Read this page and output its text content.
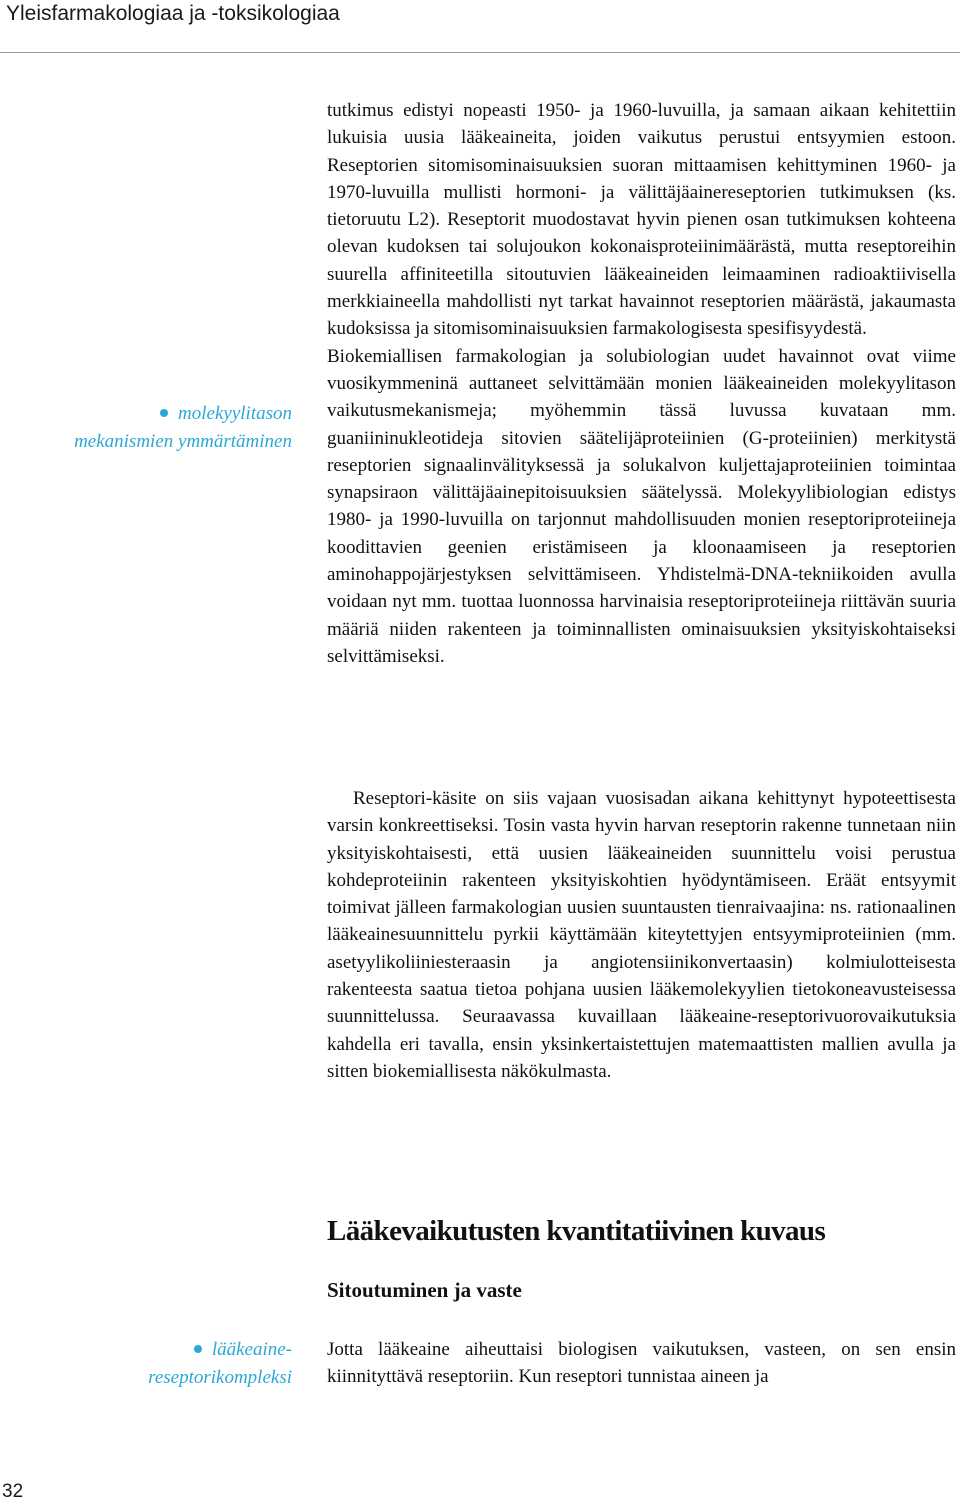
Yleisfarmakologiaa ja -toksikologiaa
molekyylitason
mekanismien ymmärtäminen

tutkimus edistyi nopeasti 1950- ja 1960-luvuilla, ja samaan aikaan kehitettiin lukuisia uusia lääkeaineita, joiden vaikutus perustui entsyymien estoon. Reseptorien sitomisominaisuuksien suoran mittaamisen kehittyminen 1960- ja 1970-luvuilla mullisti hormoni- ja välittäjäainereseptorien tutkimuksen (ks. tietoruutu L2). Reseptorit muodostavat hyvin pienen osan tutkimuksen kohteena olevan kudoksen tai solujoukon kokonaisproteiinimäärästä, mutta reseptoreihin suurella affiniteetilla sitoutuvien lääkeaineiden leimaaminen radioaktiivisella merkkiaineella mahdollisti nyt tarkat havainnot reseptorien määrästä, jakaumasta kudoksissa ja sitomisominaisuuksien farmakologisesta spesifisyydestä.

Biokemiallisen farmakologian ja solubiologian uudet havainnot ovat viime vuosikymmeninä auttaneet selvittämään monien lääkeaineiden molekyylitason vaikutusmekanismeja; myöhemmin tässä luvussa kuvataan mm. guaniininukleotideja sitovien säätelijäproteiinien (G-proteiinien) merkitystä reseptorien signaalinvälityksessä ja solukalvon kuljettajaproteiinien toimintaa synapsiraon välittäjäainepitoisuuksien säätelyssä. Molekyylibiologian edistys 1980- ja 1990-luvuilla on tarjonnut mahdollisuuden monien reseptoriproteiineja koodittavien geenien eristämiseen ja kloonaamiseen ja reseptorien aminohappojärjestyksen selvittämiseen. Yhdistelmä-DNA-tekniikoiden avulla voidaan nyt mm. tuottaa luonnossa harvinaisia reseptoriproteiineja riittävän suuria määriä niiden rakenteen ja toiminnallisten ominaisuuksien yksityiskohtaiseksi selvittämiseksi.

Reseptori-käsite on siis vajaan vuosisadan aikana kehittynyt hypoteettisesta varsin konkreettiseksi. Tosin vasta hyvin harvan reseptorin rakenne tunnetaan niin yksityiskohtaisesti, että uusien lääkeaineiden suunnittelu voisi perustua kohdeproteiinin rakenteen yksityiskohtien hyödyntämiseen. Eräät entsyymit toimivat jälleen farmakologian uusien suuntausten tienraivaajina: ns. rationaalinen lääkeainesuunnittelu pyrkii käyttämään kiteytettyjen entsyymiproteiinien (mm. asetyylikoliiniesteraasin ja angiotensiinikonvertaasin) kolmiulotteisesta rakenteesta saatua tietoa pohjana uusien lääkemolekyylien tietokoneavusteisessa suunnittelussa. Seuraavassa kuvaillaan lääkeaine-reseptorivuorovaikutuksia kahdella eri tavalla, ensin yksinkertaistettujen matemaattisten mallien avulla ja sitten biokemiallisesta näkökulmasta.

Lääkevaikutusten kvantitatiivinen kuvaus
Sitoutuminen ja vaste
lääkeaine-
reseptorikompleksi

Jotta lääkeaine aiheuttaisi biologisen vaikutuksen, vasteen, on sen ensin kiinnityttävä reseptoriin. Kun reseptori tunnistaa aineen ja

32
